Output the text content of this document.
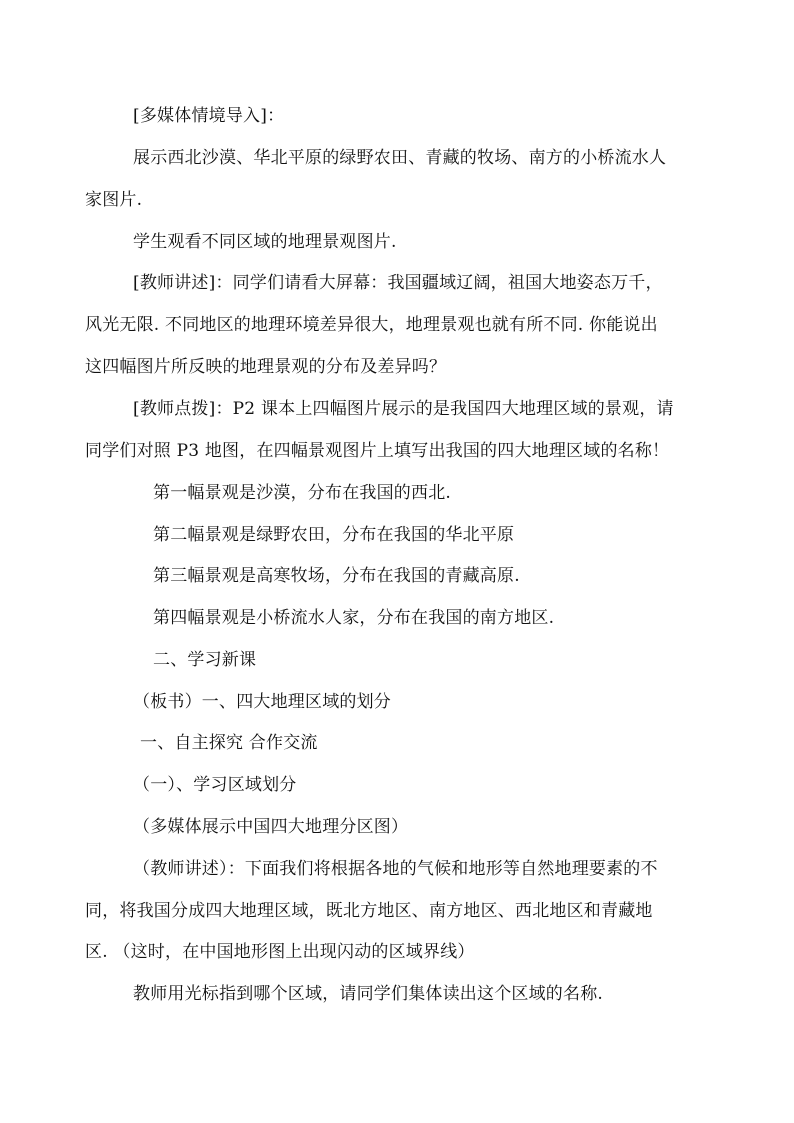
[多媒体情境导入]：

展示西北沙漠、华北平原的绿野农田、青藏的牧场、南方的小桥流水人

家图片.

学生观看不同区域的地理景观图片.

[教师讲述]：同学们请看大屏幕：我国疆域辽阔，祖国大地姿态万千，

风光无限. 不同地区的地理环境差异很大，地理景观也就有所不同. 你能说出

这四幅图片所反映的地理景观的分布及差异吗？

[教师点拨]：P2 课本上四幅图片展示的是我国四大地理区域的景观，请

同学们对照 P3 地图，在四幅景观图片上填写出我国的四大地理区域的名称！

第一幅景观是沙漠，分布在我国的西北.

第二幅景观是绿野农田，分布在我国的华北平原

第三幅景观是高寒牧场，分布在我国的青藏高原.

第四幅景观是小桥流水人家，分布在我国的南方地区.

二、学习新课

（板书）一、四大地理区域的划分

一、自主探究 合作交流

（一）、学习区域划分

（多媒体展示中国四大地理分区图）

（教师讲述）：下面我们将根据各地的气候和地形等自然地理要素的不

同，将我国分成四大地理区域，既北方地区、南方地区、西北地区和青藏地

区. （这时，在中国地形图上出现闪动的区域界线）

教师用光标指到哪个区域，请同学们集体读出这个区域的名称.
